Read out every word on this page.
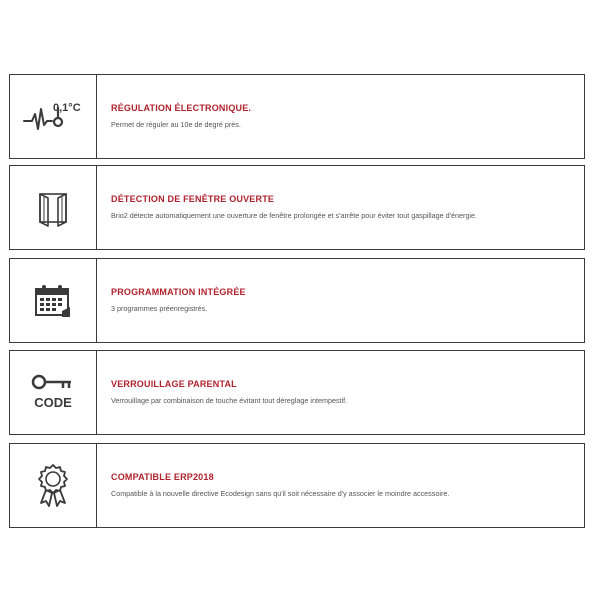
0,1°C	RÉGULATION ÉLECTRONIQUE.

Permet de réguler au 10e de degré près.

DÉTECTION DE FENÊTRE OUVERTE

Brio2 détecte automatiquement une ouverture de fenêtre prolongée et s'arrête pour éviter tout gaspillage d'énergie.

PROGRAMMATION INTÉGRÉE

3 programmes préenregistrés.

CODE

VERROUILLAGE PARENTAL

Verrouillage par combinaison de touche évitant tout déreglage intempestif.

COMPATIBLE ERP2018

Compatible à la nouvelle directive Ecodesign sans qu'il soit nécessaire d'y associer le moindre accessoire.
